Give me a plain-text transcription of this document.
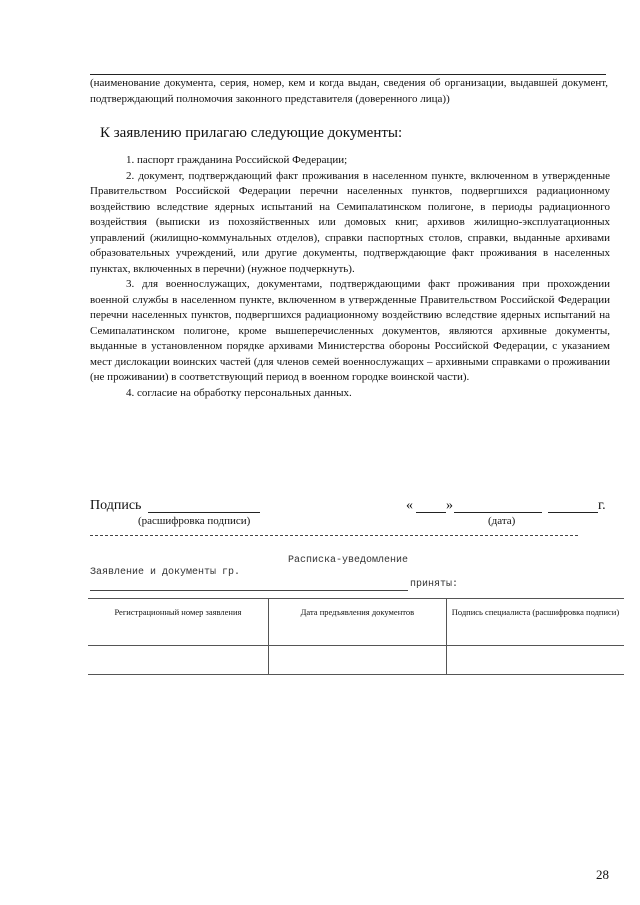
(наименование документа, серия, номер, кем и когда выдан, сведения об организации, выдавшей документ, подтверждающий полномочия законного представителя (доверенного лица))
К заявлению прилагаю следующие документы:

1. паспорт гражданина Российской Федерации;

2. документ, подтверждающий факт проживания в населенном пункте, включенном в утвержденные Правительством Российской Федерации перечни населенных пунктов, подвергшихся радиационному воздействию вследствие ядерных испытаний на Семипалатинском полигоне, в периоды радиационного воздействия (выписки из похозяйственных или домовых книг, архивов жилищно-эксплуатационных управлений (жилищно-коммунальных отделов), справки паспортных столов, справки, выданные архивами образовательных учреждений, или другие документы, подтверждающие факт проживания в населенных пунктах, включенных в перечни) (нужное подчеркнуть).

3. для военнослужащих, документами, подтверждающими факт проживания при прохождении военной службы в населенном пункте, включенном в утвержденные Правительством Российской Федерации перечни населенных пунктов, подвергшихся радиационному воздействию вследствие ядерных испытаний на Семипалатинском полигоне, кроме вышеперечисленных документов, являются архивные документы, выданные в установленном порядке архивами Министерства обороны Российской Федерации, с указанием мест дислокации воинских частей (для членов семей военнослужащих – архивными справками о проживании (не проживании) в соответствующий период в военном городке воинской части).

4. согласие на обработку персональных данных.

Подпись	« »	г.
(расшифровка подписи)	(дата)
Расписка-уведомление
Заявление и документы гр.
приняты:
Регистрационный номер заявления	Дата предъявления документов	Подпись специалиста (расшифровка подписи)

28
